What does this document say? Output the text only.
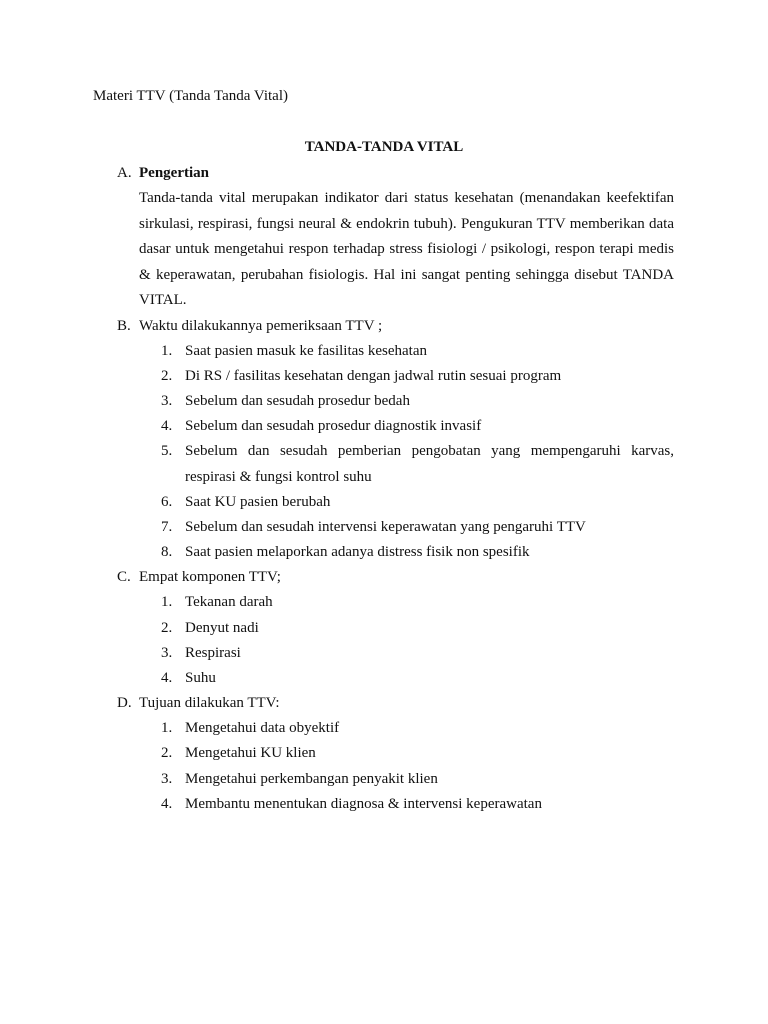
Materi TTV (Tanda Tanda Vital)
TANDA-TANDA VITAL
A. Pengertian
Tanda-tanda vital merupakan indikator dari status kesehatan (menandakan keefektifan sirkulasi, respirasi, fungsi neural & endokrin tubuh). Pengukuran TTV memberikan data dasar untuk mengetahui respon terhadap stress fisiologi / psikologi, respon terapi medis & keperawatan, perubahan fisiologis. Hal ini sangat penting sehingga disebut TANDA VITAL.
B. Waktu dilakukannya pemeriksaan TTV ;
1. Saat pasien masuk ke fasilitas kesehatan
2. Di RS / fasilitas kesehatan dengan jadwal rutin sesuai program
3. Sebelum dan sesudah prosedur bedah
4. Sebelum dan sesudah prosedur diagnostik invasif
5. Sebelum dan sesudah pemberian pengobatan yang mempengaruhi karvas, respirasi & fungsi kontrol suhu
6. Saat KU pasien berubah
7. Sebelum dan sesudah intervensi keperawatan yang pengaruhi TTV
8. Saat pasien melaporkan adanya distress fisik non spesifik
C. Empat komponen TTV;
1. Tekanan darah
2. Denyut nadi
3. Respirasi
4. Suhu
D. Tujuan dilakukan TTV:
1. Mengetahui data obyektif
2. Mengetahui KU klien
3. Mengetahui perkembangan penyakit klien
4. Membantu menentukan diagnosa & intervensi keperawatan
